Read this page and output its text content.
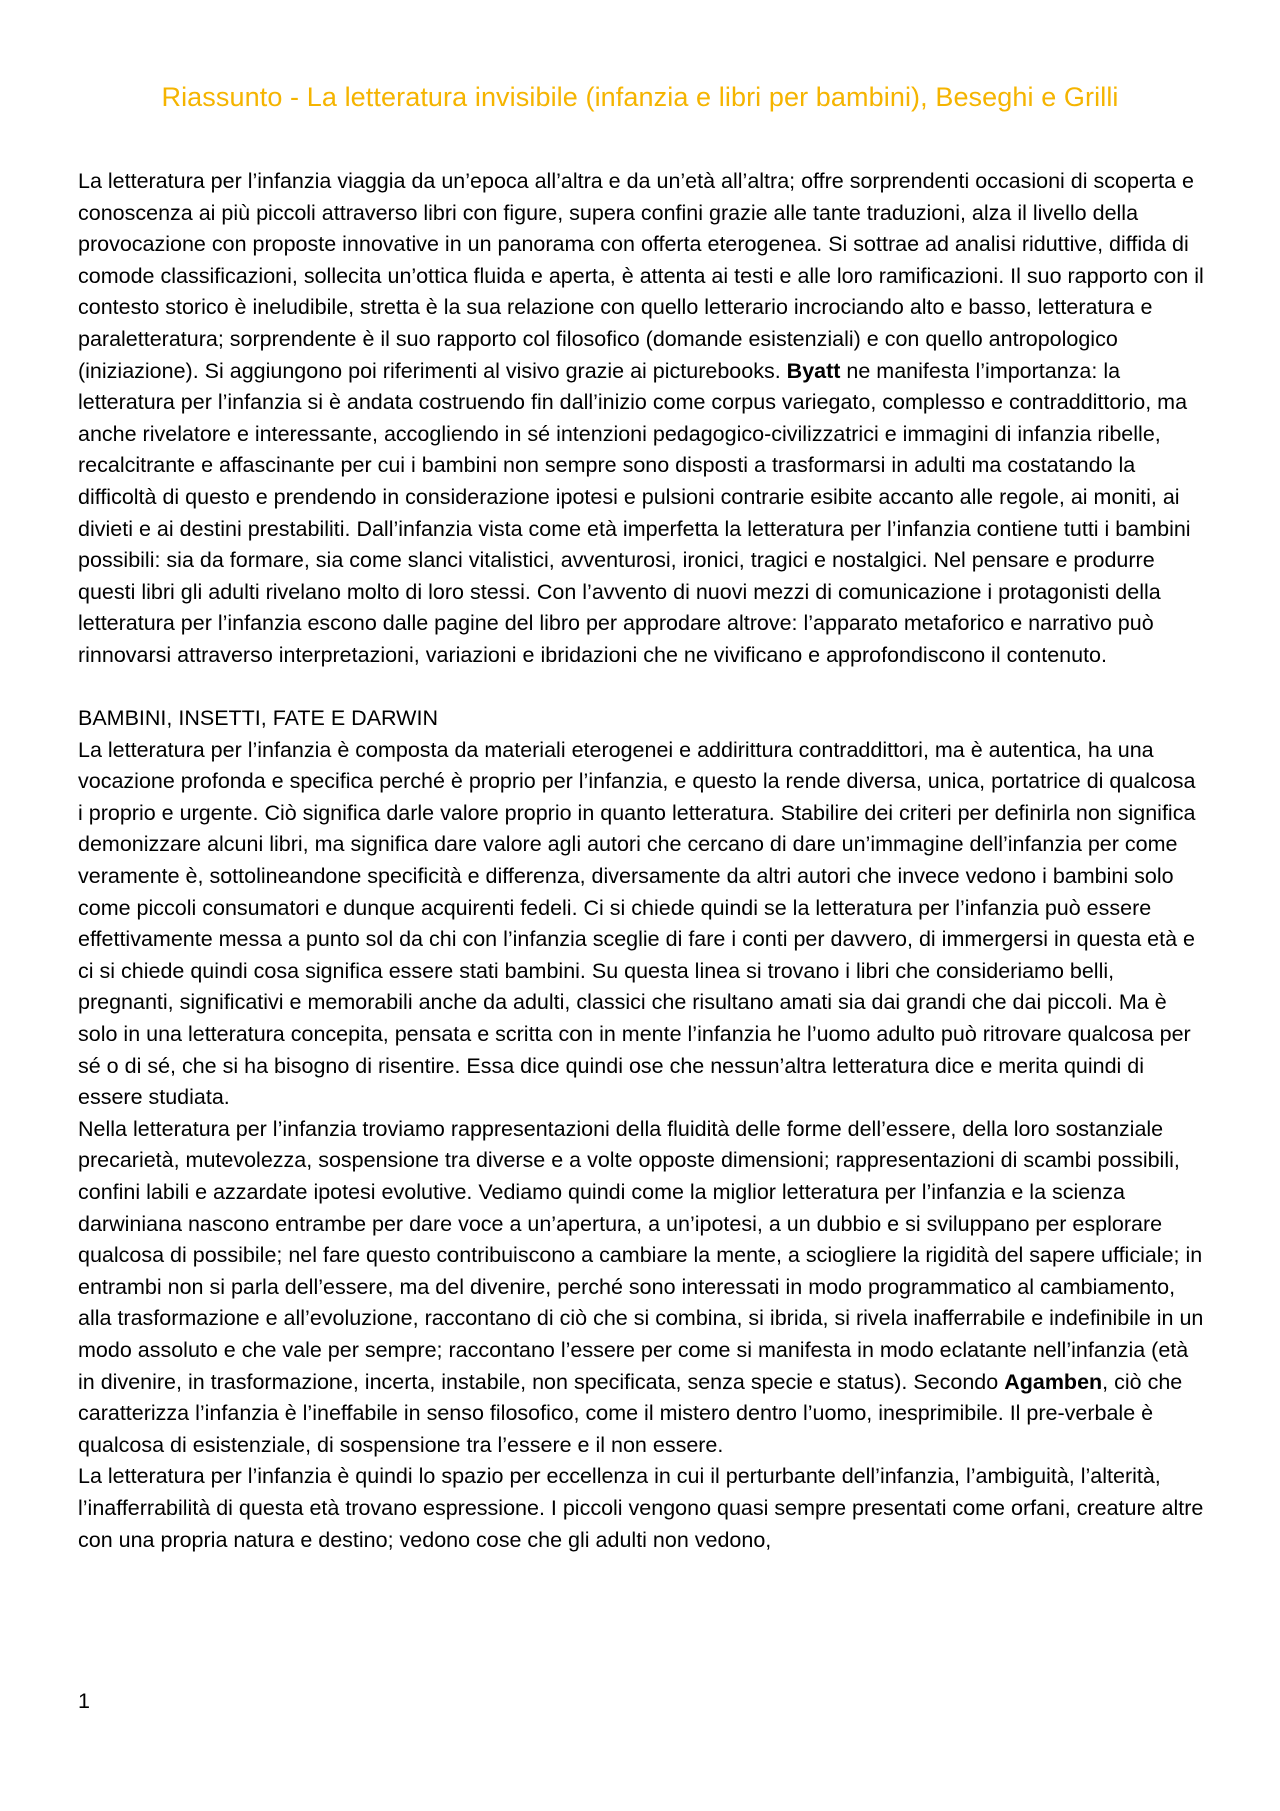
Riassunto - La letteratura invisibile (infanzia e libri per bambini), Beseghi e Grilli

La letteratura per l’infanzia viaggia da un’epoca all’altra e da un’età all’altra; offre sorprendenti occasioni di scoperta e conoscenza ai più piccoli attraverso libri con figure, supera confini grazie alle tante traduzioni, alza il livello della provocazione con proposte innovative in un panorama con offerta eterogenea. Si sottrae ad analisi riduttive, diffida di comode classificazioni, sollecita un’ottica fluida e aperta, è attenta ai testi e alle loro ramificazioni. Il suo rapporto con il contesto storico è ineludibile, stretta è la sua relazione con quello letterario incrociando alto e basso, letteratura e paraletteratura; sorprendente è il suo rapporto col filosofico (domande esistenziali) e con quello antropologico (iniziazione). Si aggiungono poi riferimenti al visivo grazie ai picturebooks. Byatt ne manifesta l’importanza: la letteratura per l’infanzia si è andata costruendo fin dall’inizio come corpus variegato, complesso e contraddittorio, ma anche rivelatore e interessante, accogliendo in sé intenzioni pedagogico-civilizzatrici e immagini di infanzia ribelle, recalcitrante e affascinante per cui i bambini non sempre sono disposti a trasformarsi in adulti ma costatando la difficoltà di questo e prendendo in considerazione ipotesi e pulsioni contrarie esibite accanto alle regole, ai moniti, ai divieti e ai destini prestabiliti. Dall’infanzia vista come età imperfetta la letteratura per l’infanzia contiene tutti i bambini possibili: sia da formare, sia come slanci vitalistici, avventurosi, ironici, tragici e nostalgici. Nel pensare e produrre questi libri gli adulti rivelano molto di loro stessi. Con l’avvento di nuovi mezzi di comunicazione i protagonisti della letteratura per l’infanzia escono dalle pagine del libro per approdare altrove: l’apparato metaforico e narrativo può rinnovarsi attraverso interpretazioni, variazioni e ibridazioni che ne vivificano e approfondiscono il contenuto.

BAMBINI, INSETTI, FATE E DARWIN

La letteratura per l’infanzia è composta da materiali eterogenei e addirittura contraddittori, ma è autentica, ha una vocazione profonda e specifica perché è proprio per l’infanzia, e questo la rende diversa, unica, portatrice di qualcosa i proprio e urgente. Ciò significa darle valore proprio in quanto letteratura. Stabilire dei criteri per definirla non significa demonizzare alcuni libri, ma significa dare valore agli autori che cercano di dare un’immagine dell’infanzia per come veramente è, sottolineandone specificità e differenza, diversamente da altri autori che invece vedono i bambini solo come piccoli consumatori e dunque acquirenti fedeli. Ci si chiede quindi se la letteratura per l’infanzia può essere effettivamente messa a punto sol da chi con l’infanzia sceglie di fare i conti per davvero, di immergersi in questa età e ci si chiede quindi cosa significa essere stati bambini. Su questa linea si trovano i libri che consideriamo belli, pregnanti, significativi e memorabili anche da adulti, classici che risultano amati sia dai grandi che dai piccoli. Ma è solo in una letteratura concepita, pensata e scritta con in mente l’infanzia he l’uomo adulto può ritrovare qualcosa per sé o di sé, che si ha bisogno di risentire. Essa dice quindi ose che nessun’altra letteratura dice e merita quindi di essere studiata.

Nella letteratura per l’infanzia troviamo rappresentazioni della fluidità delle forme dell’essere, della loro sostanziale precarietà, mutevolezza, sospensione tra diverse e a volte opposte dimensioni; rappresentazioni di scambi possibili, confini labili e azzardate ipotesi evolutive. Vediamo quindi come la miglior letteratura per l’infanzia e la scienza darwiniana nascono entrambe per dare voce a un’apertura, a un’ipotesi, a un dubbio e si sviluppano per esplorare qualcosa di possibile; nel fare questo contribuiscono a cambiare la mente, a sciogliere la rigidità del sapere ufficiale; in entrambi non si parla dell’essere, ma del divenire, perché sono interessati in modo programmatico al cambiamento, alla trasformazione e all’evoluzione, raccontano di ciò che si combina, si ibrida, si rivela inafferrabile e indefinibile in un modo assoluto e che vale per sempre; raccontano l’essere per come si manifesta in modo eclatante nell’infanzia (età in divenire, in trasformazione, incerta, instabile, non specificata, senza specie e status). Secondo Agamben, ciò che caratterizza l’infanzia è l’ineffabile in senso filosofico, come il mistero dentro l’uomo, inesprimibile. Il pre-verbale è qualcosa di esistenziale, di sospensione tra l’essere e il non essere.

La letteratura per l’infanzia è quindi lo spazio per eccellenza in cui il perturbante dell’infanzia, l’ambiguità, l’alterità, l’inafferrabilità di questa età trovano espressione. I piccoli vengono quasi sempre presentati come orfani, creature altre con una propria natura e destino; vedono cose che gli adulti non vedono,

1
